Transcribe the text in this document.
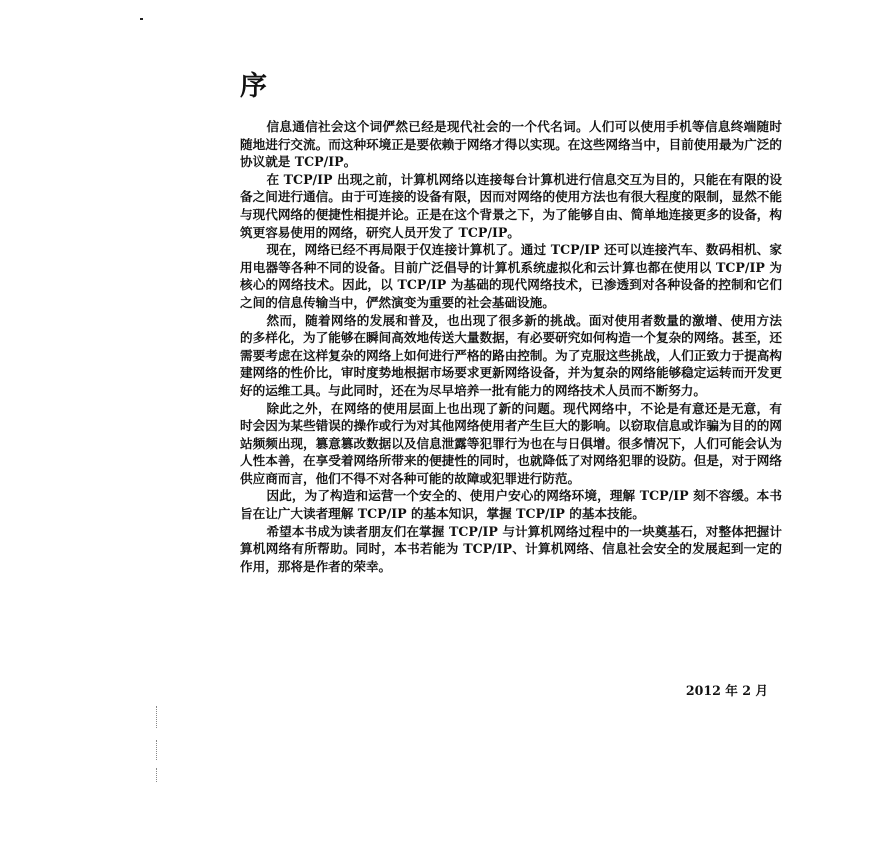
序

信息通信社会这个词俨然已经是现代社会的一个代名词。人们可以使用手机等信息终端随时随地进行交流。而这种环境正是要依赖于网络才得以实现。在这些网络当中，目前使用最为广泛的协议就是 TCP/IP。

在 TCP/IP 出现之前，计算机网络以连接每台计算机进行信息交互为目的，只能在有限的设备之间进行通信。由于可连接的设备有限，因而对网络的使用方法也有很大程度的限制，显然不能与现代网络的便捷性相提并论。正是在这个背景之下，为了能够自由、简单地连接更多的设备，构筑更容易使用的网络，研究人员开发了 TCP/IP。

现在，网络已经不再局限于仅连接计算机了。通过 TCP/IP 还可以连接汽车、数码相机、家用电器等各种不同的设备。目前广泛倡导的计算机系统虚拟化和云计算也都在使用以 TCP/IP 为核心的网络技术。因此，以 TCP/IP 为基础的现代网络技术，已渗透到对各种设备的控制和它们之间的信息传输当中，俨然演变为重要的社会基础设施。

然而，随着网络的发展和普及，也出现了很多新的挑战。面对使用者数量的激增、使用方法的多样化，为了能够在瞬间高效地传送大量数据，有必要研究如何构造一个复杂的网络。甚至，还需要考虑在这样复杂的网络上如何进行严格的路由控制。为了克服这些挑战，人们正致力于提高构建网络的性价比，审时度势地根据市场要求更新网络设备，并为复杂的网络能够稳定运转而开发更好的运维工具。与此同时，还在为尽早培养一批有能力的网络技术人员而不断努力。

除此之外，在网络的使用层面上也出现了新的问题。现代网络中，不论是有意还是无意，有时会因为某些错误的操作或行为对其他网络使用者产生巨大的影响。以窃取信息或诈骗为目的的网站频频出现，篡意篡改数据以及信息泄露等犯罪行为也在与日俱增。很多情况下，人们可能会认为人性本善，在享受着网络所带来的便捷性的同时，也就降低了对网络犯罪的设防。但是，对于网络供应商而言，他们不得不对各种可能的故障或犯罪进行防范。

因此，为了构造和运营一个安全的、使用户安心的网络环境，理解 TCP/IP 刻不容缓。本书旨在让广大读者理解 TCP/IP 的基本知识，掌握 TCP/IP 的基本技能。

希望本书成为读者朋友们在掌握 TCP/IP 与计算机网络过程中的一块奠基石，对整体把握计算机网络有所帮助。同时，本书若能为 TCP/IP、计算机网络、信息社会安全的发展起到一定的作用，那将是作者的荣幸。

2012 年 2 月
